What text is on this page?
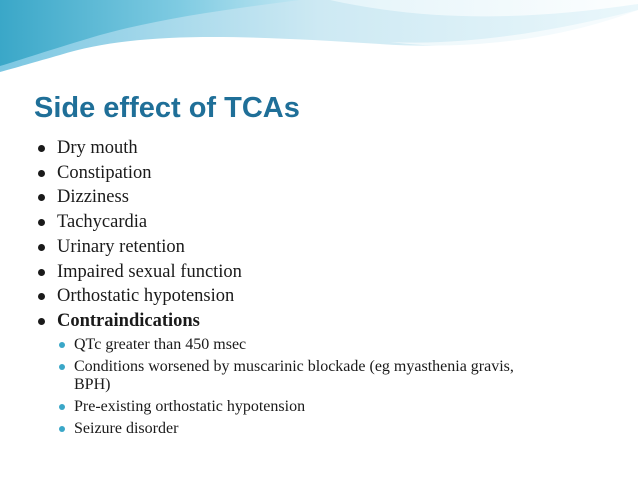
Side effect of TCAs
Dry mouth
Constipation
Dizziness
Tachycardia
Urinary retention
Impaired sexual function
Orthostatic hypotension
Contraindications
QTc greater than 450 msec
Conditions worsened by muscarinic blockade (eg myasthenia gravis, BPH)
Pre-existing orthostatic hypotension
Seizure disorder
